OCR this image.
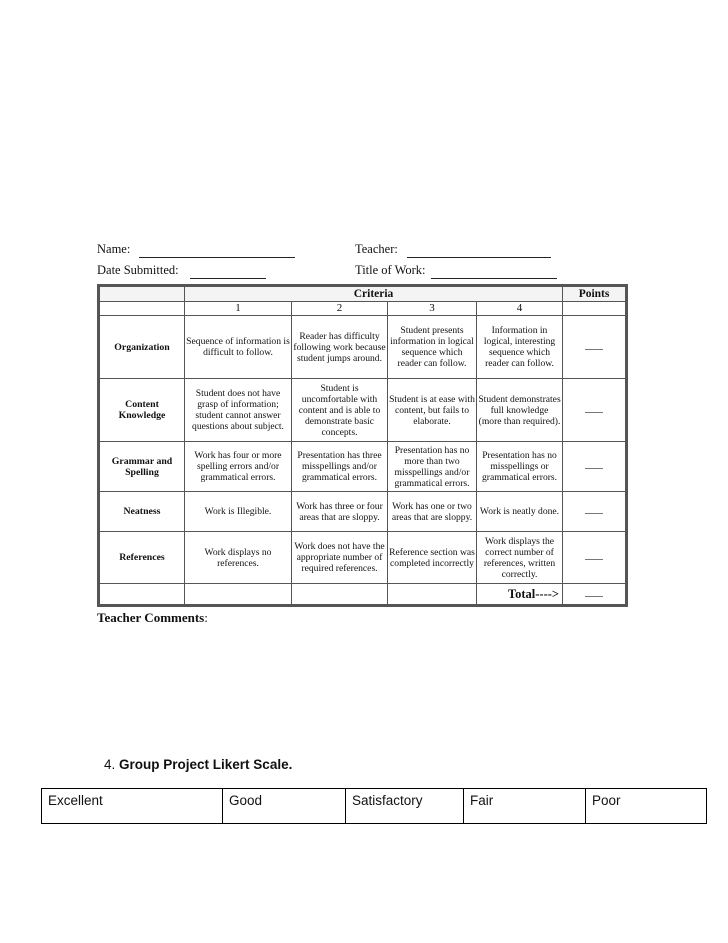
Name:	Teacher:
Date Submitted:	Title of Work:
	Criteria				Points
	1	2	3	4	
Organization	Sequence of information is difficult to follow.	Reader has difficulty following work because student jumps around.	Student presents information in logical sequence which reader can follow.	Information in logical, interesting sequence which reader can follow.	
Content Knowledge	Student does not have grasp of information; student cannot answer questions about subject.	Student is uncomfortable with content and is able to demonstrate basic concepts.	Student is at ease with content, but fails to elaborate.	Student demonstrates full knowledge (more than required).	
Grammar and Spelling	Work has four or more spelling errors and/or grammatical errors.	Presentation has three misspellings and/or grammatical errors.	Presentation has no more than two misspellings and/or grammatical errors.	Presentation has no misspellings or grammatical errors.	
Neatness	Work is Illegible.	Work has three or four areas that are sloppy.	Work has one or two areas that are sloppy.	Work is neatly done.	
References	Work displays no references.	Work does not have the appropriate number of required references.	Reference section was completed incorrectly	Work displays the correct number of references, written correctly.	
				Total---->	
Teacher Comments:
4. Group Project Likert Scale.
Excellent	Good	Satisfactory	Fair	Poor
